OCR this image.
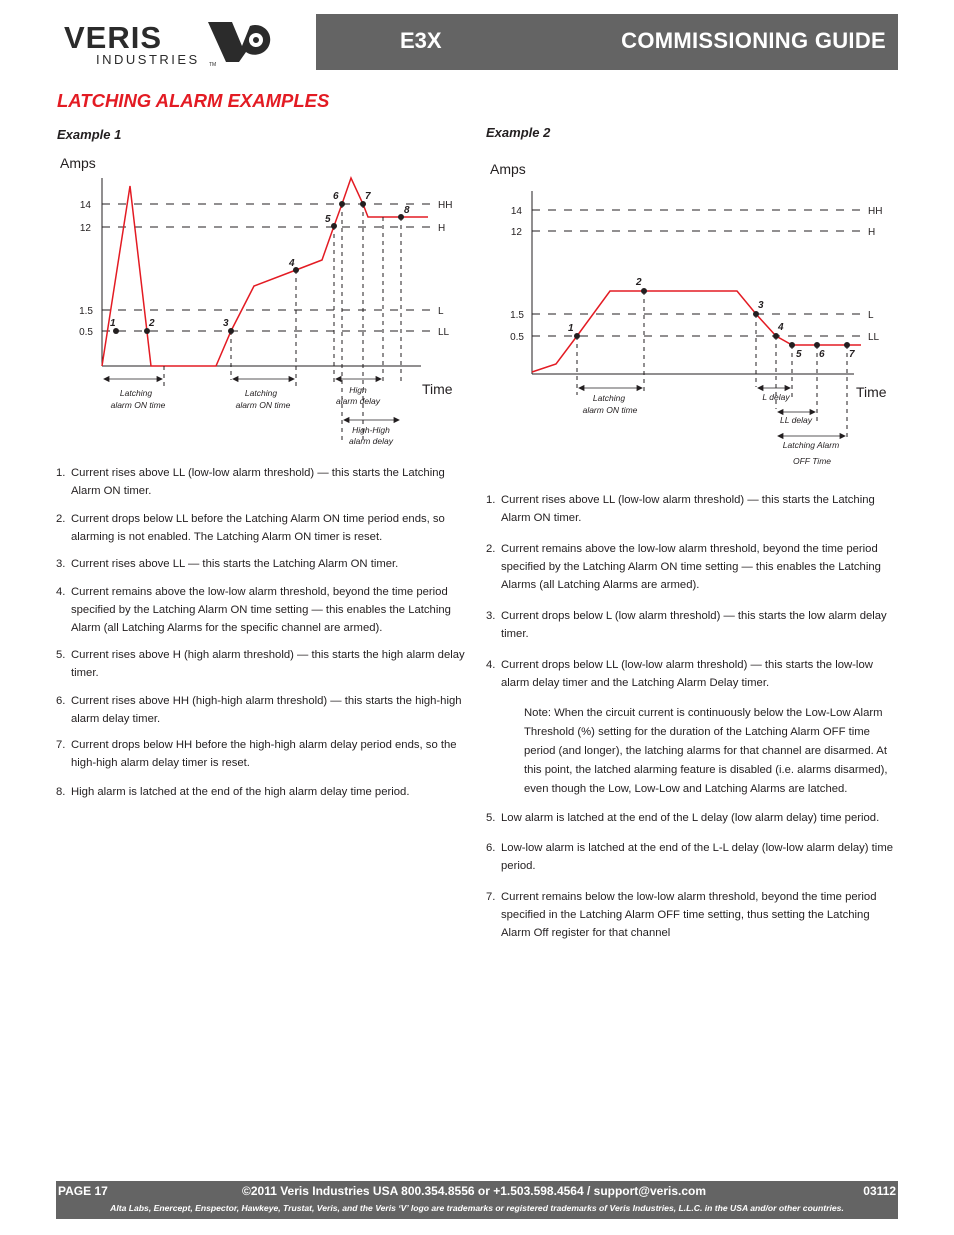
VERIS
INDUSTRIES TM
E3X	COMMISSIONING GUIDE
LATCHING ALARM EXAMPLES
Example 1	Example 2
Amps
Time
14
12
1.5
0.5
HH
H
L
LL
1	2	3
4
5
6	7
8
Latching
alarm ON time
Latching
alarm ON time
High
alarm delay
High-High
alarm delay
Amps
Time
14
12
1.5
0.5
HH
H
L
LL
1
2
3
4
5 6 7
Latching
alarm ON time
L delay
LL delay
Latching Alarm
OFF Time
1. Current rises above LL (low-low alarm threshold) — this starts the Latching Alarm ON timer.
2. Current drops below LL before the Latching Alarm ON time period ends, so alarming is not enabled. The Latching Alarm ON timer is reset.
3. Current rises above LL — this starts the Latching Alarm ON timer.
4. Current remains above the low-low alarm threshold, beyond the time period specified by the Latching Alarm ON time setting — this enables the Latching Alarm (all Latching Alarms for the specific channel are armed).
5. Current rises above H (high alarm threshold) — this starts the high alarm delay timer.
6. Current rises above HH (high-high alarm threshold) — this starts the high-high alarm delay timer.
7. Current drops below HH before the high-high alarm delay period ends, so the high-high alarm delay timer is reset.
8. High alarm is latched at the end of the high alarm delay time period.
1. Current rises above LL (low-low alarm threshold) — this starts the Latching Alarm ON timer.
2. Current remains above the low-low alarm threshold, beyond the time period specified by the Latching Alarm ON time setting — this enables the Latching Alarms (all Latching Alarms are armed).
3. Current drops below L (low alarm threshold) — this starts the low alarm delay timer.
4. Current drops below LL (low-low alarm threshold) — this starts the low-low alarm delay timer and the Latching Alarm Delay timer.
5. Low alarm is latched at the end of the L delay (low alarm delay) time period.
6. Low-low alarm is latched at the end of the L-L delay (low-low alarm delay) time period.
7. Current remains below the low-low alarm threshold, beyond the time period specified in the Latching Alarm OFF time setting, thus setting the Latching Alarm Off register for that channel
Note: When the circuit current is continuously below the Low-Low Alarm Threshold (%) setting for the duration of the Latching Alarm OFF time period (and longer), the latching alarms for that channel are disarmed. At this point, the latched alarming feature is disabled (i.e. alarms disarmed), even though the Low, Low-Low and Latching Alarms are latched.
PAGE 17	©2011 Veris Industries USA 800.354.8556 or +1.503.598.4564 / support@veris.com	03112
Alta Labs, Enercept, Enspector, Hawkeye, Trustat, Veris, and the Veris ‘V’ logo are trademarks or registered trademarks of Veris Industries, L.L.C. in the USA and/or other countries.
